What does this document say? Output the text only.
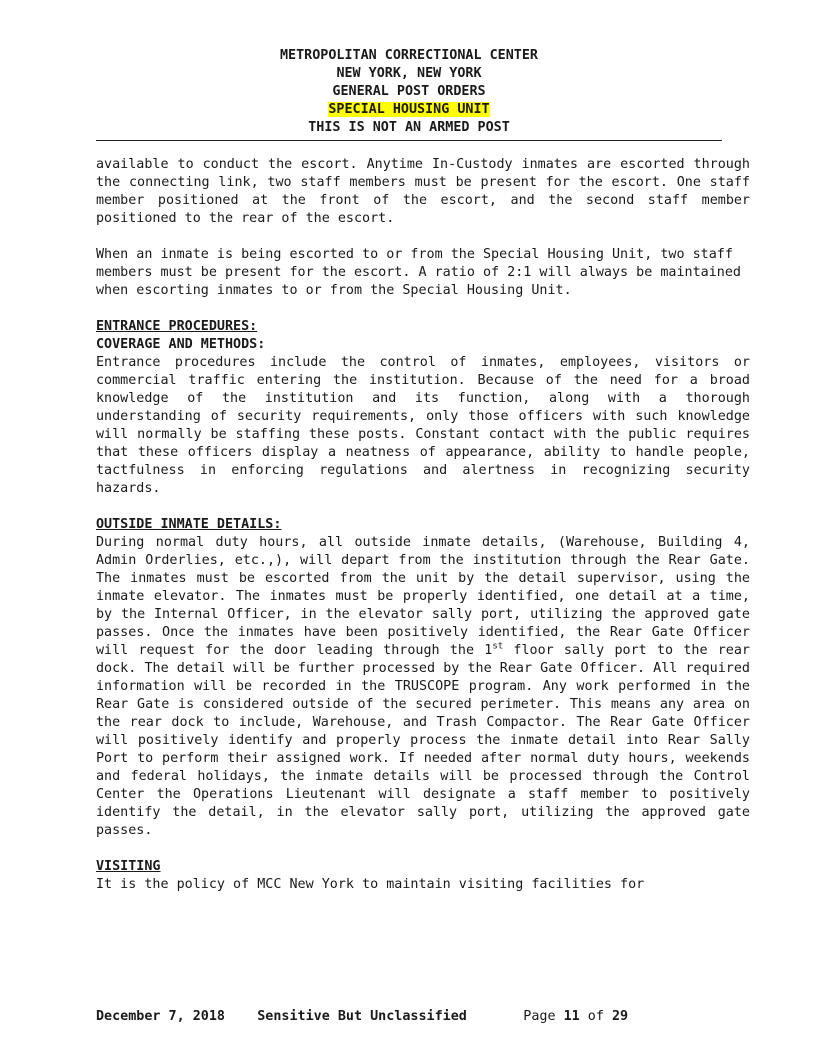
METROPOLITAN CORRECTIONAL CENTER
NEW YORK, NEW YORK
GENERAL POST ORDERS
SPECIAL HOUSING UNIT
THIS IS NOT AN ARMED POST
available to conduct the escort. Anytime In-Custody inmates are escorted through the connecting link, two staff members must be present for the escort. One staff member positioned at the front of the escort, and the second staff member positioned to the rear of the escort.
When an inmate is being escorted to or from the Special Housing Unit, two staff members must be present for the escort. A ratio of 2:1 will always be maintained when escorting inmates to or from the Special Housing Unit.
ENTRANCE PROCEDURES:
COVERAGE AND METHODS:
Entrance procedures include the control of inmates, employees, visitors or commercial traffic entering the institution. Because of the need for a broad knowledge of the institution and its function, along with a thorough understanding of security requirements, only those officers with such knowledge will normally be staffing these posts. Constant contact with the public requires that these officers display a neatness of appearance, ability to handle people, tactfulness in enforcing regulations and alertness in recognizing security hazards.
OUTSIDE INMATE DETAILS:
During normal duty hours, all outside inmate details, (Warehouse, Building 4, Admin Orderlies, etc.,), will depart from the institution through the Rear Gate. The inmates must be escorted from the unit by the detail supervisor, using the inmate elevator. The inmates must be properly identified, one detail at a time, by the Internal Officer, in the elevator sally port, utilizing the approved gate passes. Once the inmates have been positively identified, the Rear Gate Officer will request for the door leading through the 1st floor sally port to the rear dock. The detail will be further processed by the Rear Gate Officer. All required information will be recorded in the TRUSCOPE program. Any work performed in the Rear Gate is considered outside of the secured perimeter. This means any area on the rear dock to include, Warehouse, and Trash Compactor. The Rear Gate Officer will positively identify and properly process the inmate detail into Rear Sally Port to perform their assigned work. If needed after normal duty hours, weekends and federal holidays, the inmate details will be processed through the Control Center the Operations Lieutenant will designate a staff member to positively identify the detail, in the elevator sally port, utilizing the approved gate passes.
VISITING
It is the policy of MCC New York to maintain visiting facilities for
December 7, 2018 Sensitive But Unclassified	Page 11 of 29
